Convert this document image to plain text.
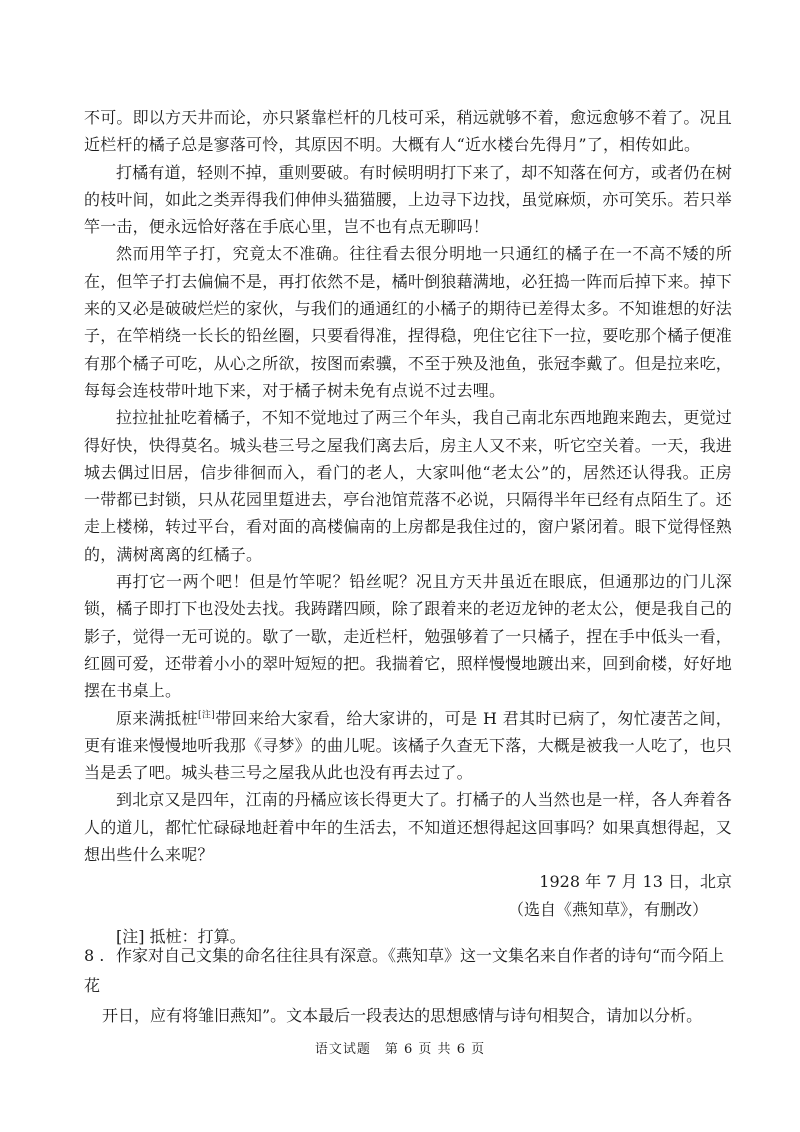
不可。即以方天井而论，亦只紧靠栏杆的几枝可采，稍远就够不着，愈远愈够不着了。况且近栏杆的橘子总是寥落可怜，其原因不明。大概有人“近水楼台先得月”了，相传如此。

打橘有道，轻则不掉，重则要破。有时候明明打下来了，却不知落在何方，或者仍在树的枝叶间，如此之类弄得我们伸伸头猫猫腰，上边寻下边找，虽觉麻烦，亦可笑乐。若只举竿一击，便永远恰好落在手底心里，岂不也有点无聊吗！

然而用竿子打，究竟太不准确。往往看去很分明地一只通红的橘子在一不高不矮的所在，但竿子打去偏偏不是，再打依然不是，橘叶倒狼藉满地，必狂捣一阵而后掉下来。掉下来的又必是破破烂烂的家伙，与我们的通通红的小橘子的期待已差得太多。不知谁想的好法子，在竿梢绕一长长的铅丝圈，只要看得准，捏得稳，兜住它往下一拉，要吃那个橘子便准有那个橘子可吃，从心之所欲，按图而索骥，不至于殃及池鱼，张冠李戴了。但是拉来吃，每每会连枝带叶地下来，对于橘子树未免有点说不过去哩。

拉拉扯扯吃着橘子，不知不觉地过了两三个年头，我自己南北东西地跑来跑去，更觉过得好快，快得莫名。城头巷三号之屋我们离去后，房主人又不来，听它空关着。一天，我进城去偶过旧居，信步徘徊而入，看门的老人，大家叫他“老太公”的，居然还认得我。正房一带都已封锁，只从花园里踅进去，亭台池馆荒落不必说，只隔得半年已经有点陌生了。还走上楼梯，转过平台，看对面的高楼偏南的上房都是我住过的，窗户紧闭着。眼下觉得怪熟的，满树离离的红橘子。

再打它一两个吧！但是竹竿呢？铅丝呢？况且方天井虽近在眼底，但通那边的门儿深锁，橘子即打下也没处去找。我踌躇四顾，除了跟着来的老迈龙钟的老太公，便是我自己的影子，觉得一无可说的。歇了一歇，走近栏杆，勉强够着了一只橘子，捏在手中低头一看，红圆可爱，还带着小小的翠叶短短的把。我揣着它，照样慢慢地踱出来，回到俞楼，好好地摆在书桌上。

原来满抵桩[注]带回来给大家看，给大家讲的，可是 H 君其时已病了，匆忙凄苦之间，更有谁来慢慢地听我那《寻梦》的曲儿呢。该橘子久查无下落，大概是被我一人吃了，也只当是丢了吧。城头巷三号之屋我从此也没有再去过了。

到北京又是四年，江南的丹橘应该长得更大了。打橘子的人当然也是一样，各人奔着各人的道儿，都忙忙碌碌地赶着中年的生活去，不知道还想得起这回事吗？如果真想得起，又想出些什么来呢？

1928 年 7 月 13 日，北京

（选自《燕知草》，有删改）

[注] 抵桩：打算。

8 . 作家对自己文集的命名往往具有深意。《燕知草》这一文集名来自作者的诗句“而今陌上花

开日，应有将雏旧燕知”。文本最后一段表达的思想感情与诗句相契合，请加以分析。

语文试题　第 6 页 共 6 页
